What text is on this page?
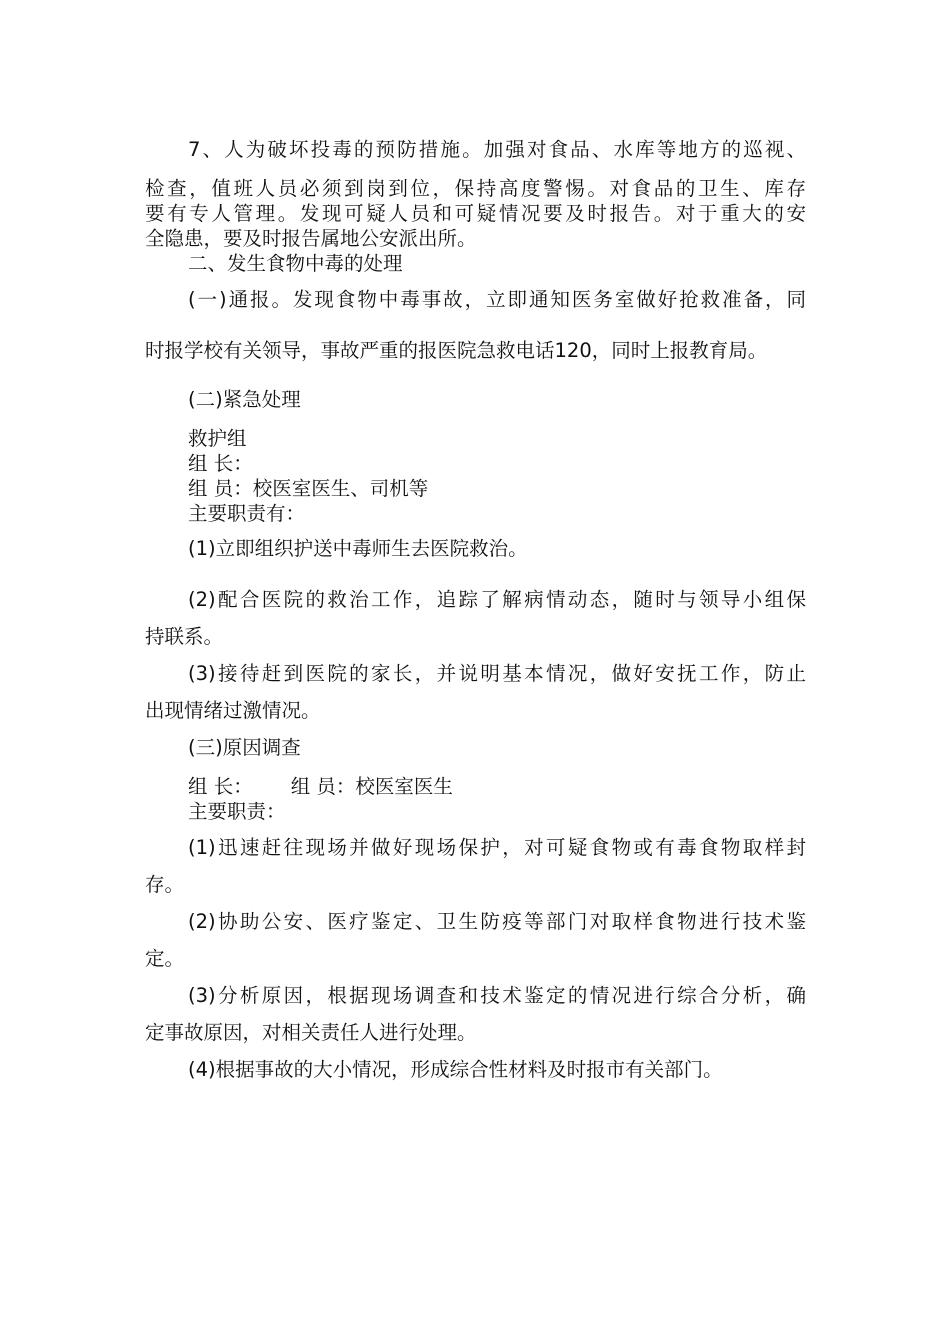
7、人为破坏投毒的预防措施。加强对食品、水库等地方的巡视、

检查，值班人员必须到岗到位，保持高度警惕。对食品的卫生、库存

要有专人管理。发现可疑人员和可疑情况要及时报告。对于重大的安

全隐患，要及时报告属地公安派出所。

二、发生食物中毒的处理

(一)通报。发现食物中毒事故，立即通知医务室做好抢救准备，同

时报学校有关领导，事故严重的报医院急救电话120，同时上报教育局。

(二)紧急处理

救护组

组 长：

组 员：校医室医生、司机等

主要职责有：

(1)立即组织护送中毒师生去医院救治。

(2)配合医院的救治工作，追踪了解病情动态，随时与领导小组保

持联系。

(3)接待赶到医院的家长，并说明基本情况，做好安抚工作，防止

出现情绪过激情况。

(三)原因调查

组 长： 组 员：校医室医生

主要职责：

(1)迅速赶往现场并做好现场保护，对可疑食物或有毒食物取样封

存。

(2)协助公安、医疗鉴定、卫生防疫等部门对取样食物进行技术鉴

定。

(3)分析原因，根据现场调查和技术鉴定的情况进行综合分析，确

定事故原因，对相关责任人进行处理。

(4)根据事故的大小情况，形成综合性材料及时报市有关部门。
